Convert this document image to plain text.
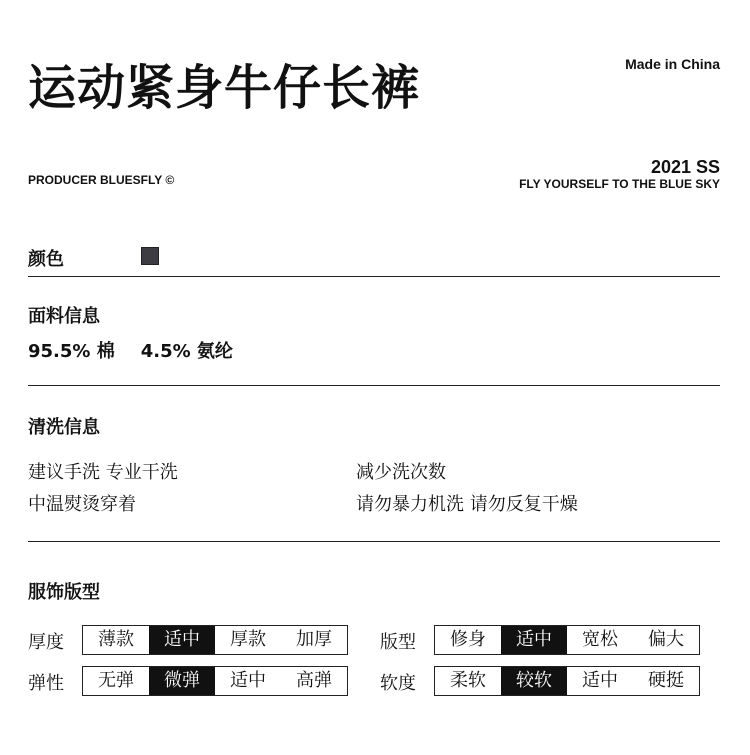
运动紧身牛仔长裤	Made in China
PRODUCER BLUESFLY ©
2021 SS
FLY YOURSELF TO THE BLUE SKY
颜色
面料信息
95.5% 棉 4.5% 氨纶
清洗信息
建议手洗 专业干洗
中温熨烫穿着
减少洗次数
请勿暴力机洗 请勿反复干燥
服饰版型
厚度	薄款	适中	厚款	加厚	版型	修身	适中	宽松	偏大
弹性	无弹	微弹	适中	高弹	软度	柔软	较软	适中	硬挺
